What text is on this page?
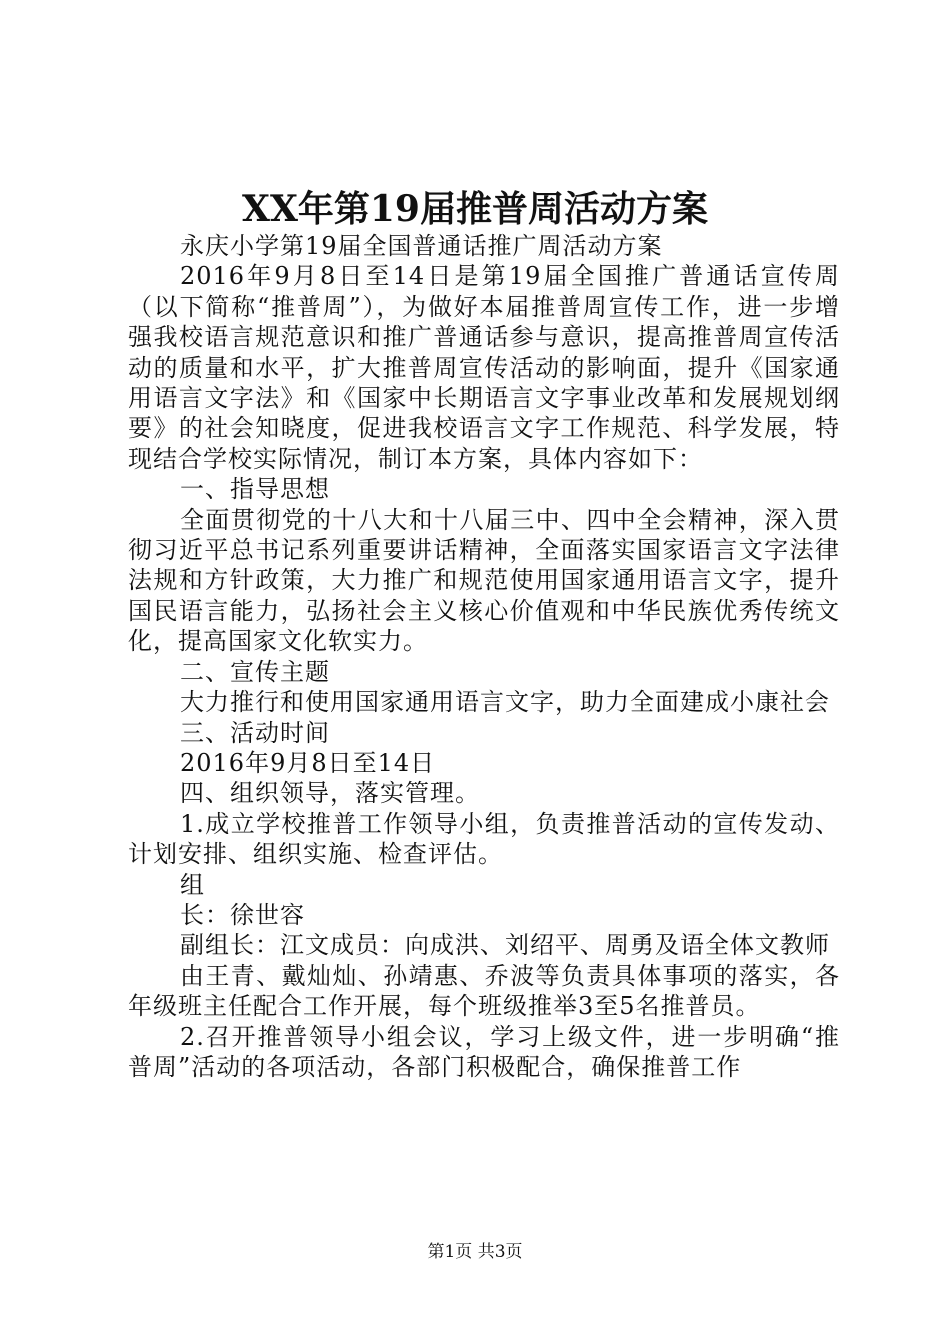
XX年第19届推普周活动方案

永庆小学第19届全国普通话推广周活动方案

2016年9月8日至14日是第19届全国推广普通话宣传周（以下简称“推普周”），为做好本届推普周宣传工作，进一步增强我校语言规范意识和推广普通话参与意识，提高推普周宣传活动的质量和水平，扩大推普周宣传活动的影响面，提升《国家通用语言文字法》和《国家中长期语言文字事业改革和发展规划纲要》的社会知晓度，促进我校语言文字工作规范、科学发展，特现结合学校实际情况，制订本方案，具体内容如下：

一、指导思想

全面贯彻党的十八大和十八届三中、四中全会精神，深入贯彻习近平总书记系列重要讲话精神，全面落实国家语言文字法律法规和方针政策，大力推广和规范使用国家通用语言文字，提升国民语言能力，弘扬社会主义核心价值观和中华民族优秀传统文化，提高国家文化软实力。

二、宣传主题

大力推行和使用国家通用语言文字，助力全面建成小康社会

三、活动时间

2016年9月8日至14日

四、组织领导，落实管理。

1.成立学校推普工作领导小组，负责推普活动的宣传发动、计划安排、组织实施、检查评估。

组

长：徐世容

副组长：江文成员：向成洪、刘绍平、周勇及语全体文教师

由王青、戴灿灿、孙靖惠、乔波等负责具体事项的落实，各年级班主任配合工作开展，每个班级推举3至5名推普员。

2.召开推普领导小组会议，学习上级文件，进一步明确“推普周”活动的各项活动，各部门积极配合，确保推普工作

第1页 共3页
